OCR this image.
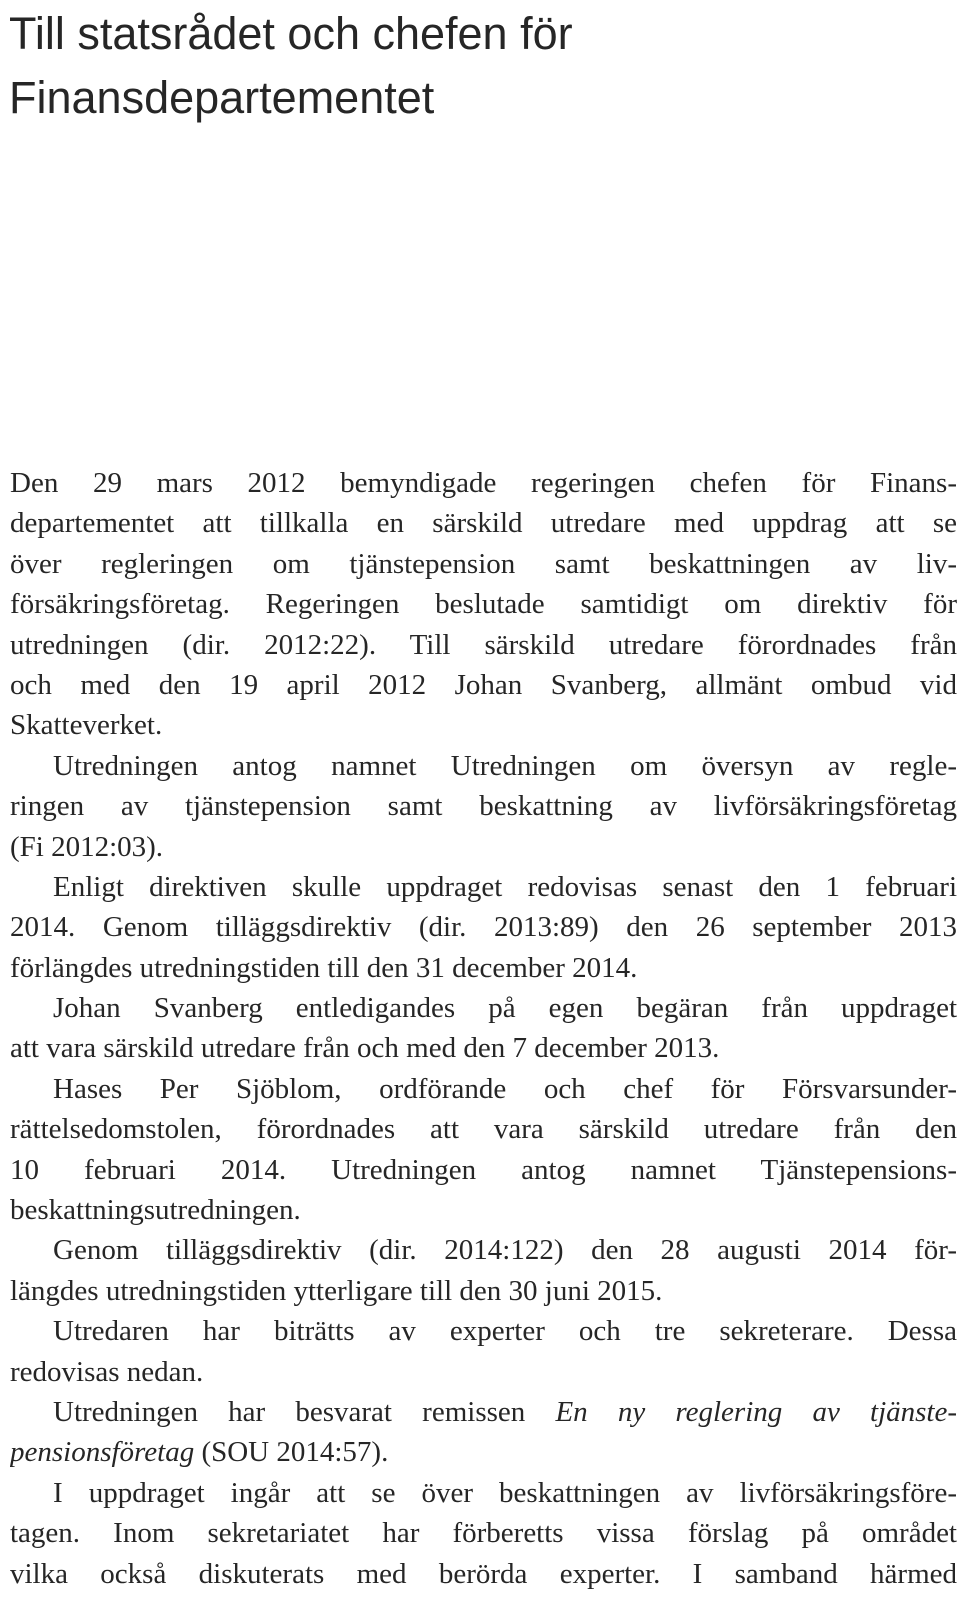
Till statsrådet och chefen för
Finansdepartementet
Den 29 mars 2012 bemyndigade regeringen chefen för Finans-
departementet att tillkalla en särskild utredare med uppdrag att se
över regleringen om tjänstepension samt beskattningen av liv-
försäkringsföretag. Regeringen beslutade samtidigt om direktiv för
utredningen (dir. 2012:22). Till särskild utredare förordnades från
och med den 19 april 2012 Johan Svanberg, allmänt ombud vid
Skatteverket.
Utredningen antog namnet Utredningen om översyn av regle-
ringen av tjänstepension samt beskattning av livförsäkringsföretag
(Fi 2012:03).
Enligt direktiven skulle uppdraget redovisas senast den 1 februari
2014. Genom tilläggsdirektiv (dir. 2013:89) den 26 september 2013
förlängdes utredningstiden till den 31 december 2014.
Johan Svanberg entledigandes på egen begäran från uppdraget
att vara särskild utredare från och med den 7 december 2013.
Hases Per Sjöblom, ordförande och chef för Försvarsunder-
rättelsedomstolen, förordnades att vara särskild utredare från den
10 februari 2014. Utredningen antog namnet Tjänstepensions-
beskattningsutredningen.
Genom tilläggsdirektiv (dir. 2014:122) den 28 augusti 2014 för-
längdes utredningstiden ytterligare till den 30 juni 2015.
Utredaren har biträtts av experter och tre sekreterare. Dessa
redovisas nedan.
Utredningen har besvarat remissen En ny reglering av tjänste-
pensionsföretag (SOU 2014:57).
I uppdraget ingår att se över beskattningen av livförsäkringsföre-
tagen. Inom sekretariatet har förberetts vissa förslag på området
vilka också diskuterats med berörda experter. I samband härmed
